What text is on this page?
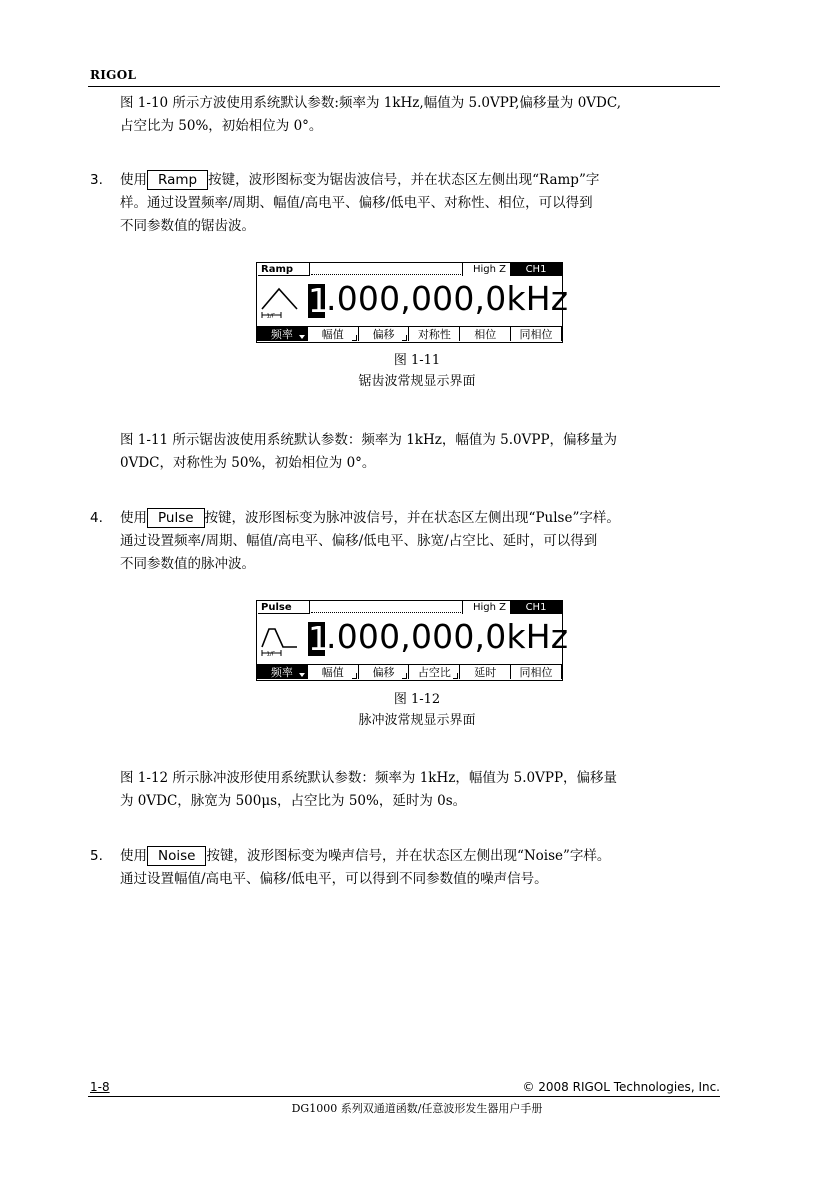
RIGOL
图 1-10 所示方波使用系统默认参数:频率为 1kHz,幅值为 5.0VPP,偏移量为 0VDC,
占空比为 50%，初始相位为 0°。
3. 使用 Ramp 按键，波形图标变为锯齿波信号，并在状态区左侧出现“Ramp”字
样。通过设置频率/周期、幅值/高电平、偏移/低电平、对称性、相位，可以得到
不同参数值的锯齿波。
Ramp	High Z	CH1
1/F 1
.000,000,0kHz
频率	幅值	偏移	对称性	相位	同相位
图 1-11
锯齿波常规显示界面
图 1-11 所示锯齿波使用系统默认参数：频率为 1kHz，幅值为 5.0VPP，偏移量为
0VDC，对称性为 50%，初始相位为 0°。
4. 使用 Pulse 按键，波形图标变为脉冲波信号，并在状态区左侧出现“Pulse”字样。
通过设置频率/周期、幅值/高电平、偏移/低电平、脉宽/占空比、延时，可以得到
不同参数值的脉冲波。
Pulse	High Z	CH1
1/F 1
.000,000,0kHz
频率	幅值	偏移	占空比	延时	同相位
图 1-12
脉冲波常规显示界面
图 1-12 所示脉冲波形使用系统默认参数：频率为 1kHz，幅值为 5.0VPP，偏移量
为 0VDC，脉宽为 500μs，占空比为 50%，延时为 0s。
5. 使用 Noise 按键，波形图标变为噪声信号，并在状态区左侧出现“Noise”字样。
通过设置幅值/高电平、偏移/低电平，可以得到不同参数值的噪声信号。
1-8	© 2008 RIGOL Technologies, Inc.
DG1000 系列双通道函数/任意波形发生器用户手册
